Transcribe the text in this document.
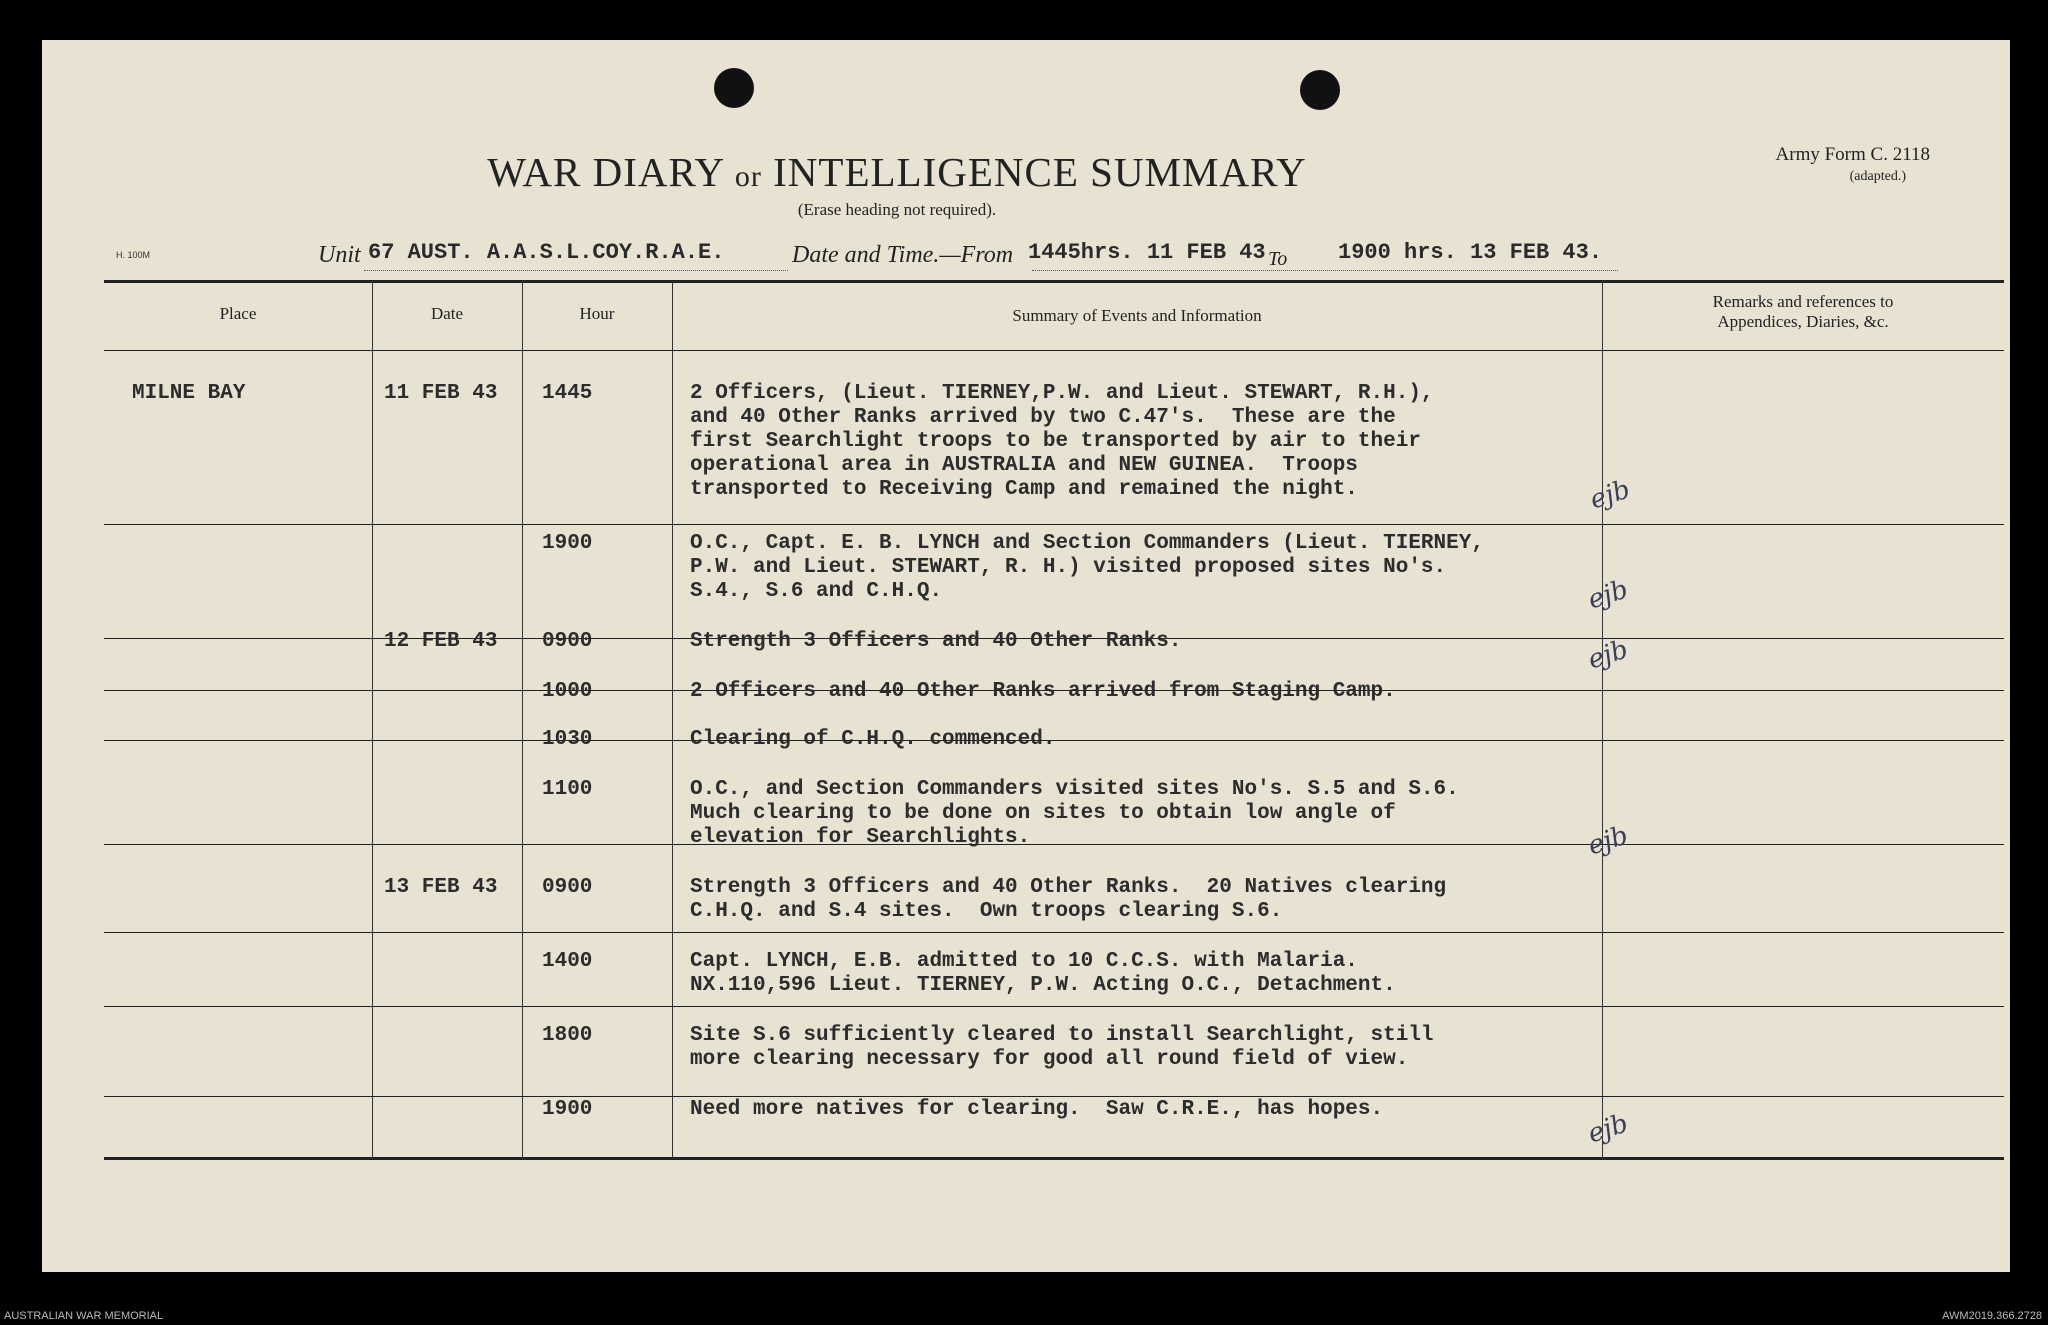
WAR DIARY or INTELLIGENCE SUMMARY
(Erase heading not required).
Army Form C. 2118
(adapted.)
H. 100M	Unit 67 AUST. A.A.S.L.COY.R.A.E.	Date and Time.—From 1445hrs. 11 FEB 43 To 1900 hrs. 13 FEB 43.
Place	Date	Hour	Summary of Events and Information
Remarks and references to
Appendices, Diaries, &c.
MILNE BAY	11 FEB 43 1445	2 Officers, (Lieut. TIERNEY,P.W. and Lieut. STEWART, R.H.),
and 40 Other Ranks arrived by two C.47's.  These are the
first Searchlight troops to be transported by air to their
operational area in AUSTRALIA and NEW GUINEA.  Troops
transported to Receiving Camp and remained the night.
1900	O.C., Capt. E. B. LYNCH and Section Commanders (Lieut. TIERNEY,
P.W. and Lieut. STEWART, R. H.) visited proposed sites No's.
S.4., S.6 and C.H.Q.
12 FEB 43 0900	Strength 3 Officers and 40 Other Ranks.
1000	2 Officers and 40 Other Ranks arrived from Staging Camp.
1030	Clearing of C.H.Q. commenced.
1100	O.C., and Section Commanders visited sites No's. S.5 and S.6.
Much clearing to be done on sites to obtain low angle of
elevation for Searchlights.
13 FEB 43 0900	Strength 3 Officers and 40 Other Ranks.  20 Natives clearing
C.H.Q. and S.4 sites.  Own troops clearing S.6.
1400	Capt. LYNCH, E.B. admitted to 10 C.C.S. with Malaria.
NX.110,596 Lieut. TIERNEY, P.W. Acting O.C., Detachment.
1800	Site S.6 sufficiently cleared to install Searchlight, still
more clearing necessary for good all round field of view.
1900	Need more natives for clearing.  Saw C.R.E., has hopes.
ejb
ejb
ejb
ejb
ejb
AUSTRALIAN WAR MEMORIAL	AWM2019.366.2728
